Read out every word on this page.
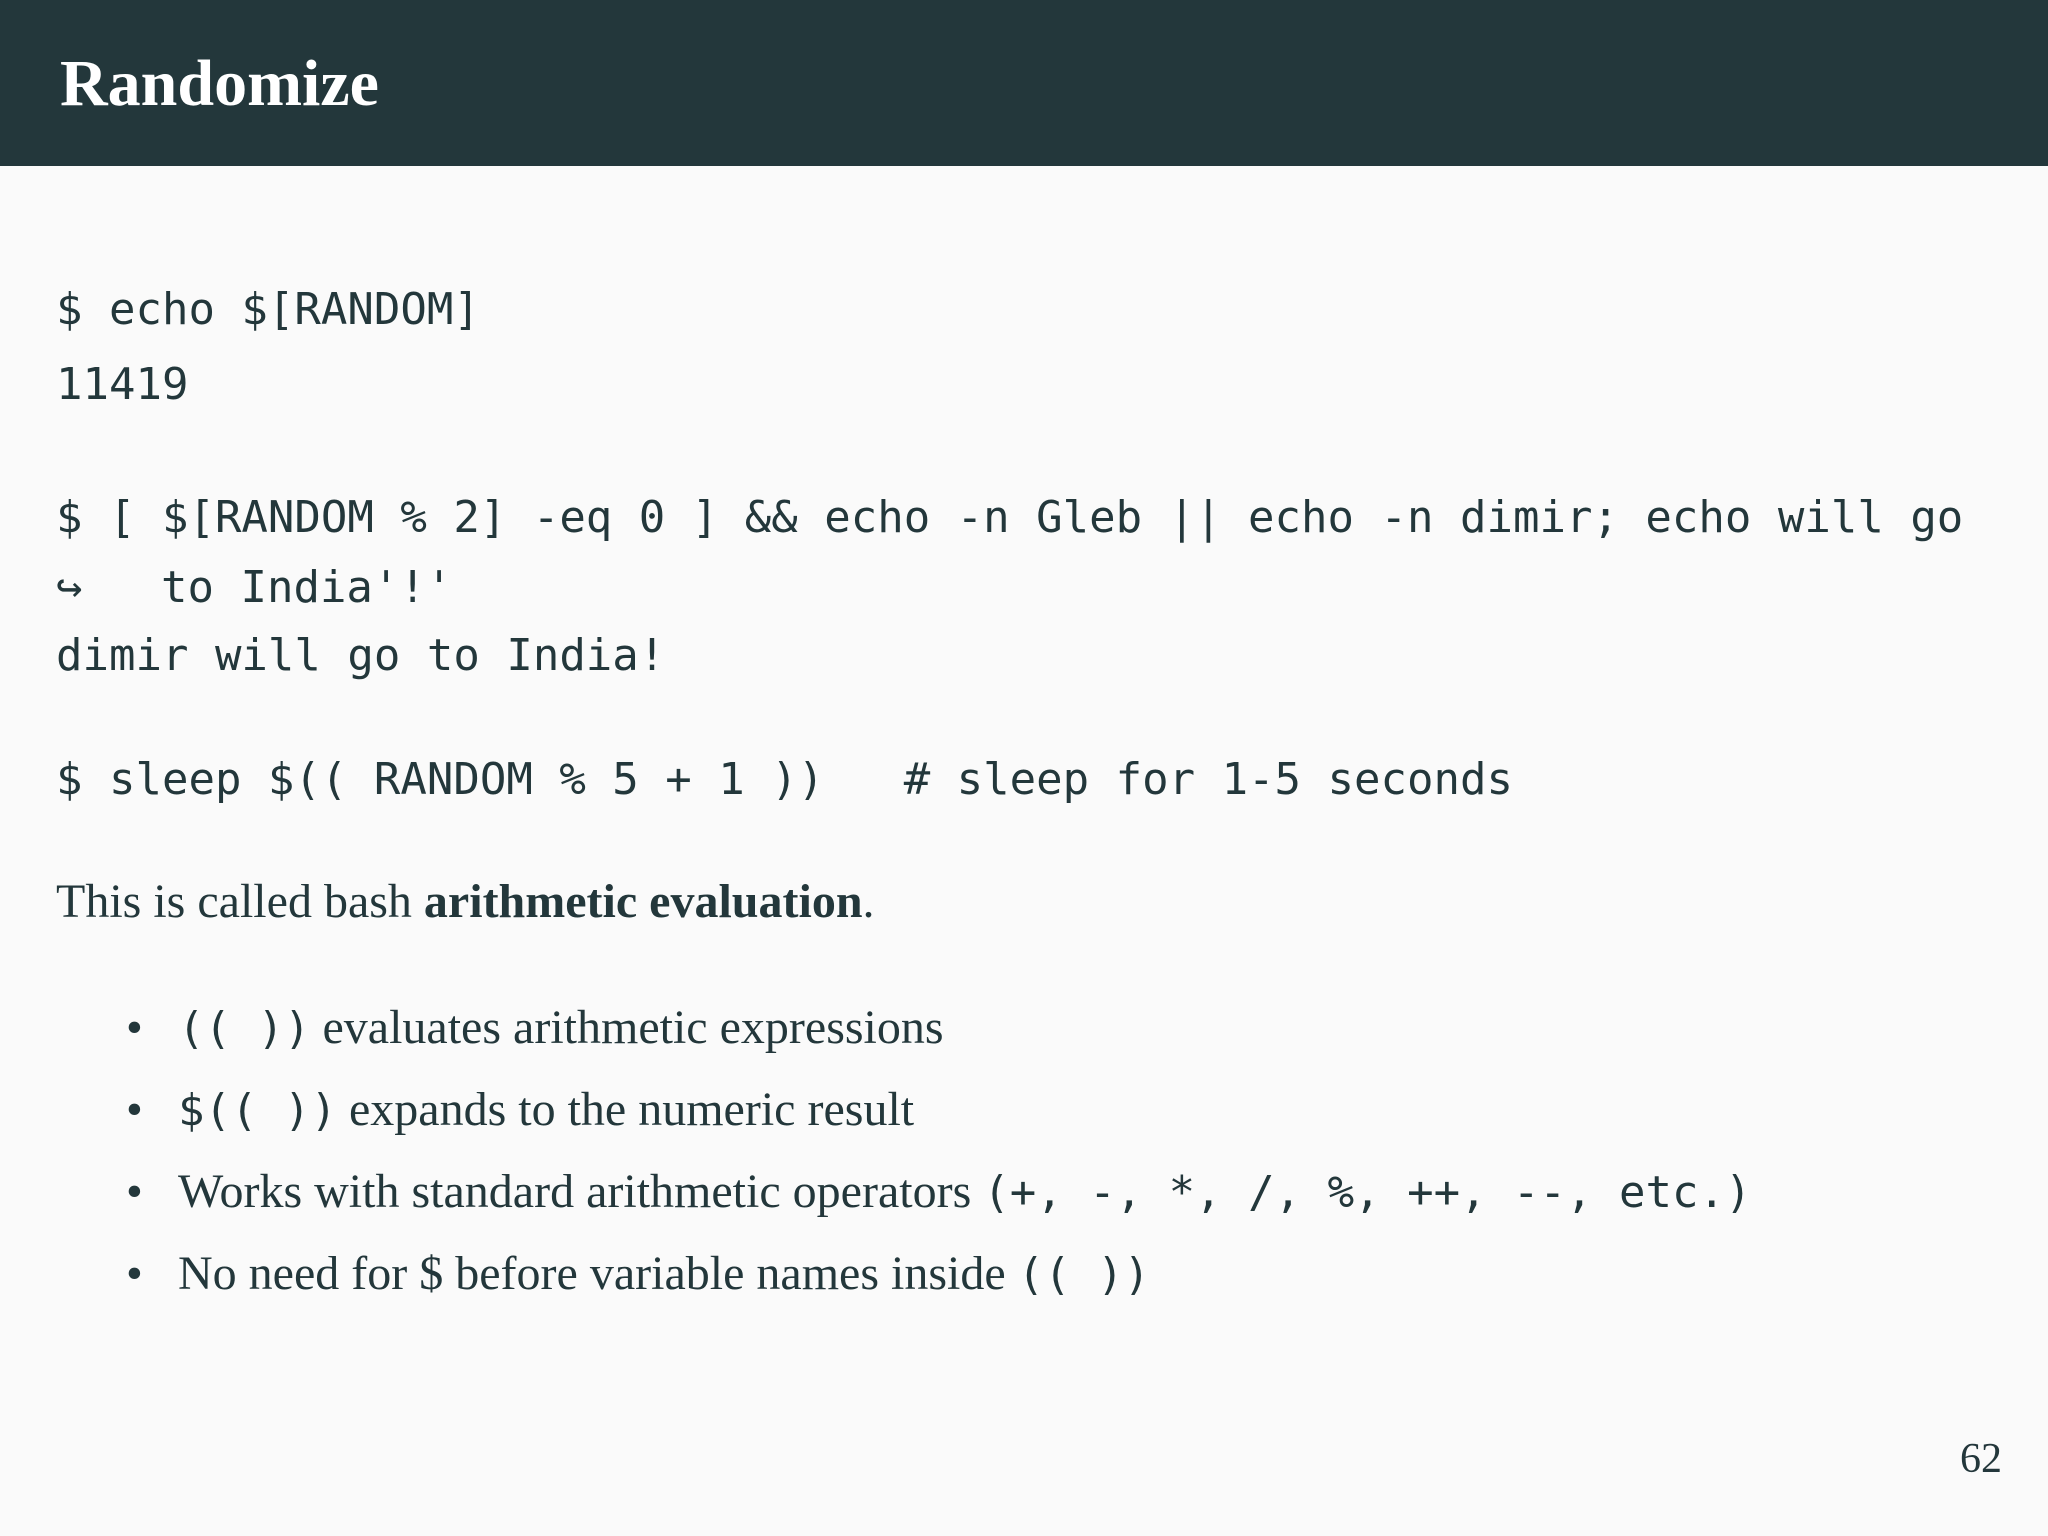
Randomize
$ echo $[RANDOM]
11419
$ [ $[RANDOM % 2] -eq 0 ] && echo -n Gleb || echo -n dimir; echo will go
↪ to India'!'
dimir will go to India!
$ sleep $(( RANDOM % 5 + 1 ))   # sleep for 1-5 seconds
This is called bash arithmetic evaluation.
• (( )) evaluates arithmetic expressions
• $(( )) expands to the numeric result
• Works with standard arithmetic operators (+, -, *, /, %, ++, --, etc.)
• No need for $ before variable names inside (( ))
62
